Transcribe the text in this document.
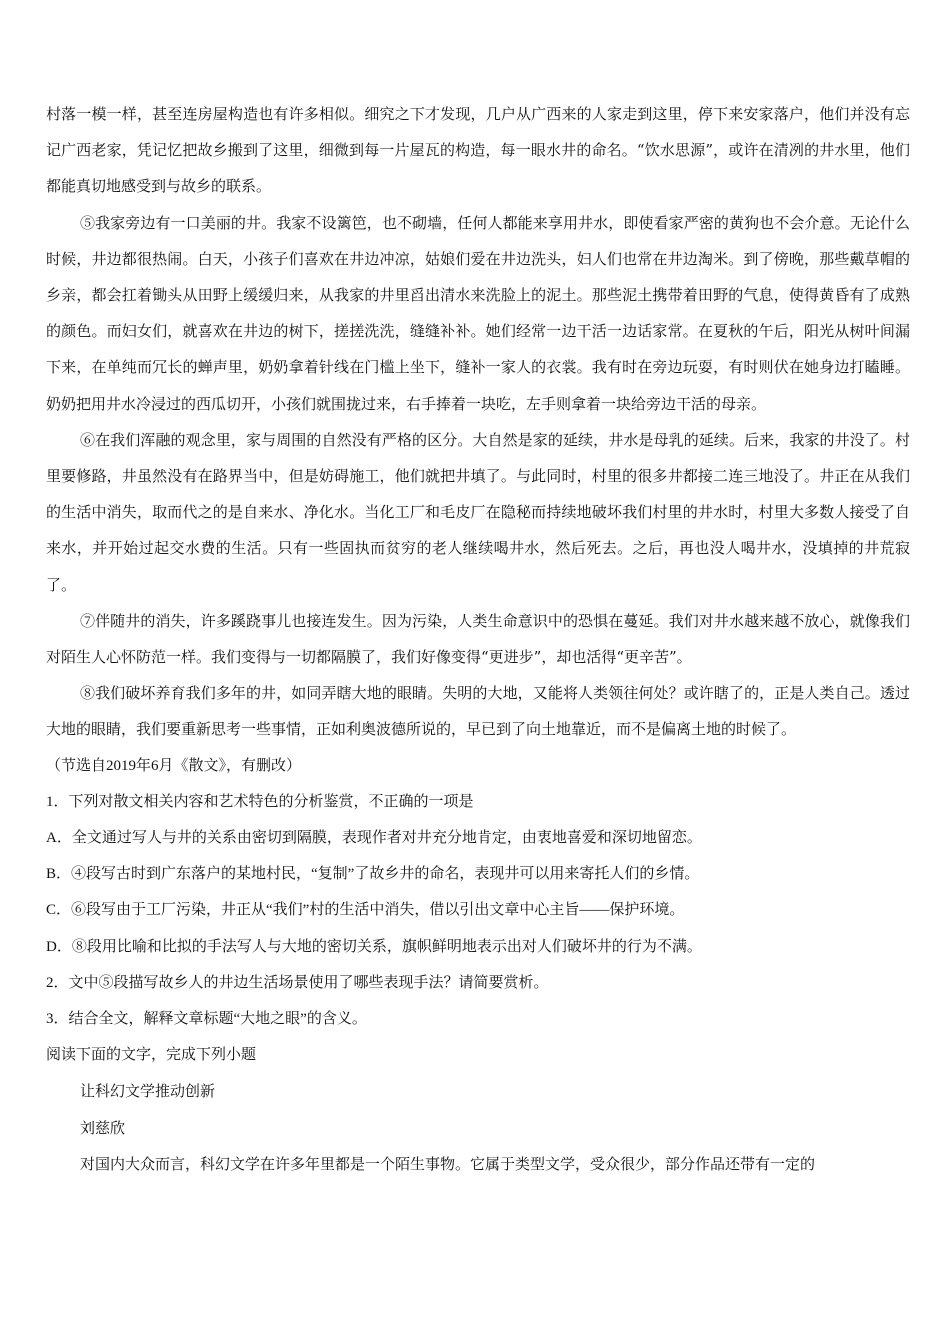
村落一模一样，甚至连房屋构造也有许多相似。细究之下才发现，几户从广西来的人家走到这里，停下来安家落户，他们并没有忘记广西老家，凭记忆把故乡搬到了这里，细微到每一片屋瓦的构造，每一眼水井的命名。“饮水思源”，或许在清冽的井水里，他们都能真切地感受到与故乡的联系。

⑤我家旁边有一口美丽的井。我家不设篱笆，也不砌墙，任何人都能来享用井水，即使看家严密的黄狗也不会介意。无论什么时候，井边都很热闹。白天，小孩子们喜欢在井边冲凉，姑娘们爱在井边洗头，妇人们也常在井边淘米。到了傍晚，那些戴草帽的乡亲，都会扛着锄头从田野上缓缓归来，从我家的井里舀出清水来洗脸上的泥土。那些泥土携带着田野的气息，使得黄昏有了成熟的颜色。而妇女们，就喜欢在井边的树下，搓搓洗洗，缝缝补补。她们经常一边干活一边话家常。在夏秋的午后，阳光从树叶间漏下来，在单纯而冗长的蝉声里，奶奶拿着针线在门槛上坐下，缝补一家人的衣裳。我有时在旁边玩耍，有时则伏在她身边打瞌睡。奶奶把用井水冷浸过的西瓜切开，小孩们就围拢过来，右手捧着一块吃，左手则拿着一块给旁边干活的母亲。

⑥在我们浑融的观念里，家与周围的自然没有严格的区分。大自然是家的延续，井水是母乳的延续。后来，我家的井没了。村里要修路，井虽然没有在路界当中，但是妨碍施工，他们就把井填了。与此同时，村里的很多井都接二连三地没了。井正在从我们的生活中消失，取而代之的是自来水、净化水。当化工厂和毛皮厂在隐秘而持续地破坏我们村里的井水时，村里大多数人接受了自来水，并开始过起交水费的生活。只有一些固执而贫穷的老人继续喝井水，然后死去。之后，再也没人喝井水，没填掉的井荒寂了。

⑦伴随井的消失，许多蹊跷事儿也接连发生。因为污染，人类生命意识中的恐惧在蔓延。我们对井水越来越不放心，就像我们对陌生人心怀防范一样。我们变得与一切都隔膜了，我们好像变得“更进步”，却也活得“更辛苦”。

⑧我们破坏养育我们多年的井，如同弄瞎大地的眼睛。失明的大地，又能将人类领往何处？或许瞎了的，正是人类自己。透过大地的眼睛，我们要重新思考一些事情，正如利奥波德所说的，早已到了向土地靠近，而不是偏离土地的时候了。

（节选自2019年6月《散文》，有删改）

1．下列对散文相关内容和艺术特色的分析鉴赏，不正确的一项是

A．全文通过写人与井的关系由密切到隔膜，表现作者对井充分地肯定，由衷地喜爱和深切地留恋。

B．④段写古时到广东落户的某地村民，“复制”了故乡井的命名，表现井可以用来寄托人们的乡情。

C．⑥段写由于工厂污染，井正从“我们”村的生活中消失，借以引出文章中心主旨——保护环境。

D．⑧段用比喻和比拟的手法写人与大地的密切关系，旗帜鲜明地表示出对人们破坏井的行为不满。

2．文中⑤段描写故乡人的井边生活场景使用了哪些表现手法？请简要赏析。

3．结合全文，解释文章标题“大地之眼”的含义。

阅读下面的文字，完成下列小题

让科幻文学推动创新

刘慈欣

对国内大众而言，科幻文学在许多年里都是一个陌生事物。它属于类型文学，受众很少，部分作品还带有一定的
